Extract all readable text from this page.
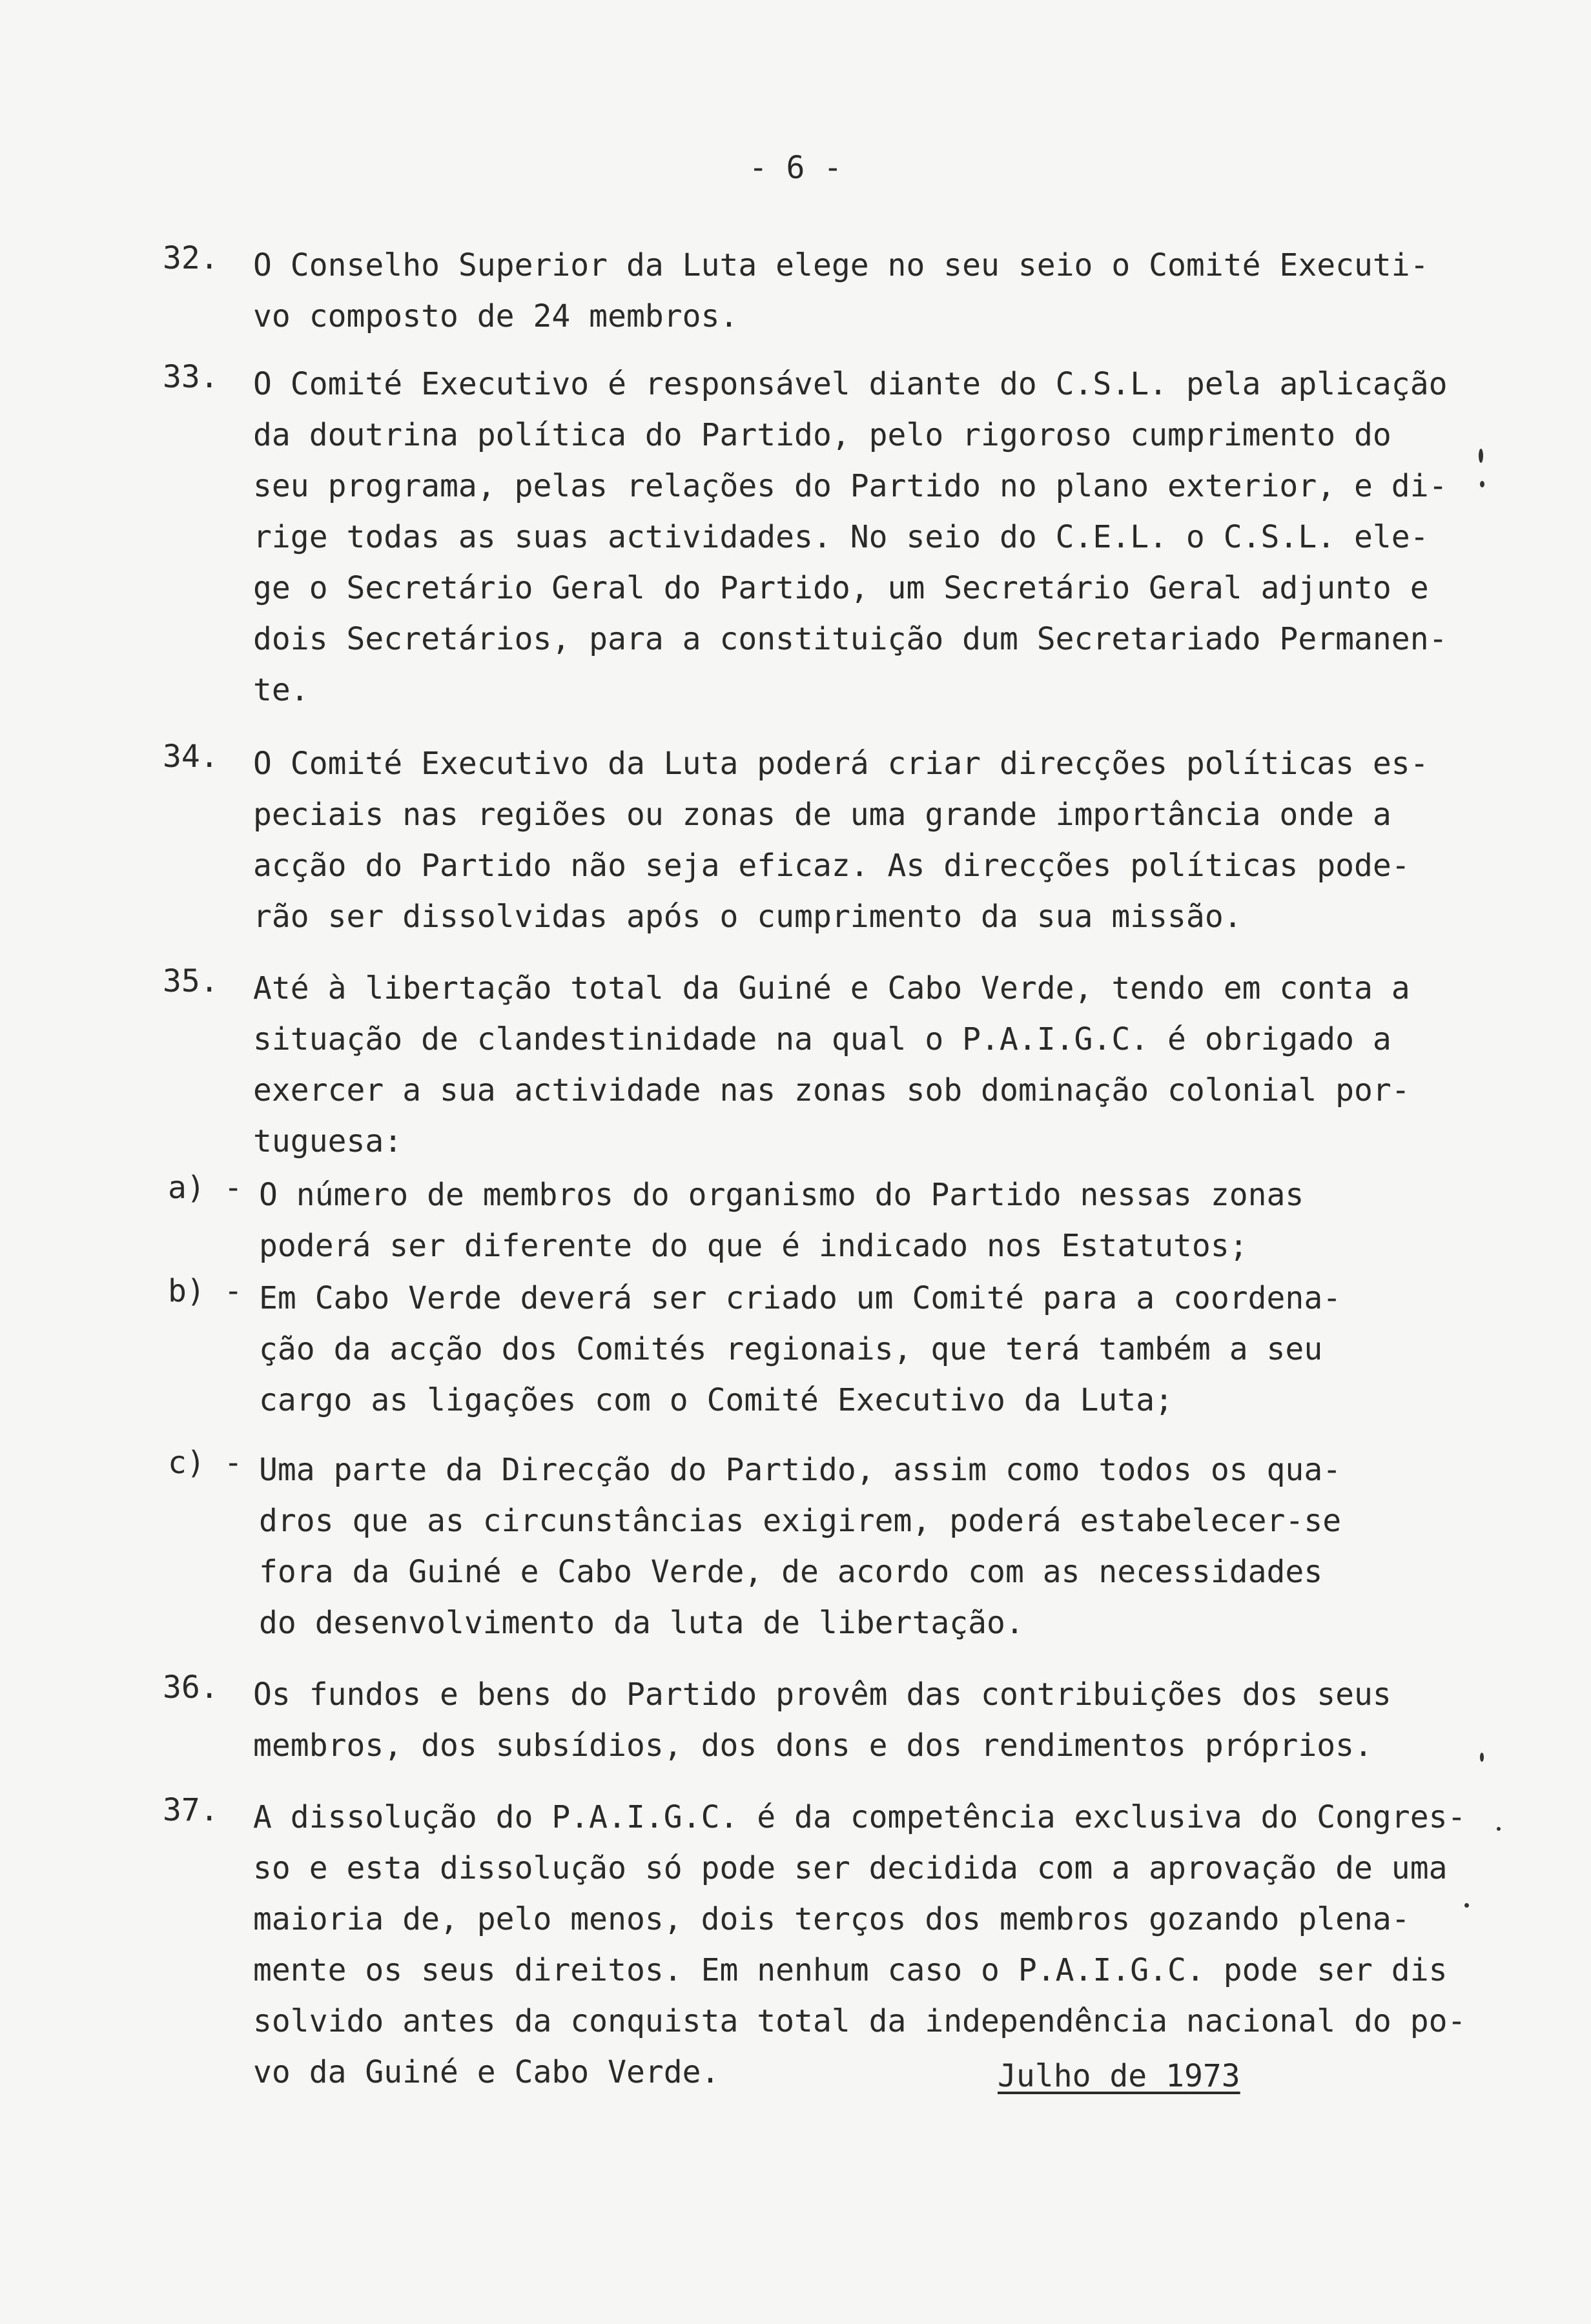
- 6 -
32. O Conselho Superior da Luta elege no seu seio o Comité Executi-
vo composto de 24 membros.
33. O Comité Executivo é responsável diante do C.S.L. pela aplicação
da doutrina política do Partido, pelo rigoroso cumprimento do
seu programa, pelas relações do Partido no plano exterior, e di-
rige todas as suas actividades. No seio do C.E.L. o C.S.L. ele-
ge o Secretário Geral do Partido, um Secretário Geral adjunto e
dois Secretários, para a constituição dum Secretariado Permanen-
te.
34. O Comité Executivo da Luta poderá criar direcções políticas es-
peciais nas regiões ou zonas de uma grande importância onde a
acção do Partido não seja eficaz. As direcções políticas pode-
rão ser dissolvidas após o cumprimento da sua missão.
35. Até à libertação total da Guiné e Cabo Verde, tendo em conta a
situação de clandestinidade na qual o P.A.I.G.C. é obrigado a
exercer a sua actividade nas zonas sob dominação colonial por-
tuguesa:
a) - O número de membros do organismo do Partido nessas zonas
poderá ser diferente do que é indicado nos Estatutos;
b) - Em Cabo Verde deverá ser criado um Comité para a coordena-
ção da acção dos Comités regionais, que terá também a seu
cargo as ligações com o Comité Executivo da Luta;
c) - Uma parte da Direcção do Partido, assim como todos os qua-
dros que as circunstâncias exigirem, poderá estabelecer-se
fora da Guiné e Cabo Verde, de acordo com as necessidades
do desenvolvimento da luta de libertação.
36. Os fundos e bens do Partido provêm das contribuições dos seus
membros, dos subsídios, dos dons e dos rendimentos próprios.
37. A dissolução do P.A.I.G.C. é da competência exclusiva do Congres-
so e esta dissolução só pode ser decidida com a aprovação de uma
maioria de, pelo menos, dois terços dos membros gozando plena-
mente os seus direitos. Em nenhum caso o P.A.I.G.C. pode ser dis
solvido antes da conquista total da independência nacional do po-
vo da Guiné e Cabo Verde.	Julho de 1973
